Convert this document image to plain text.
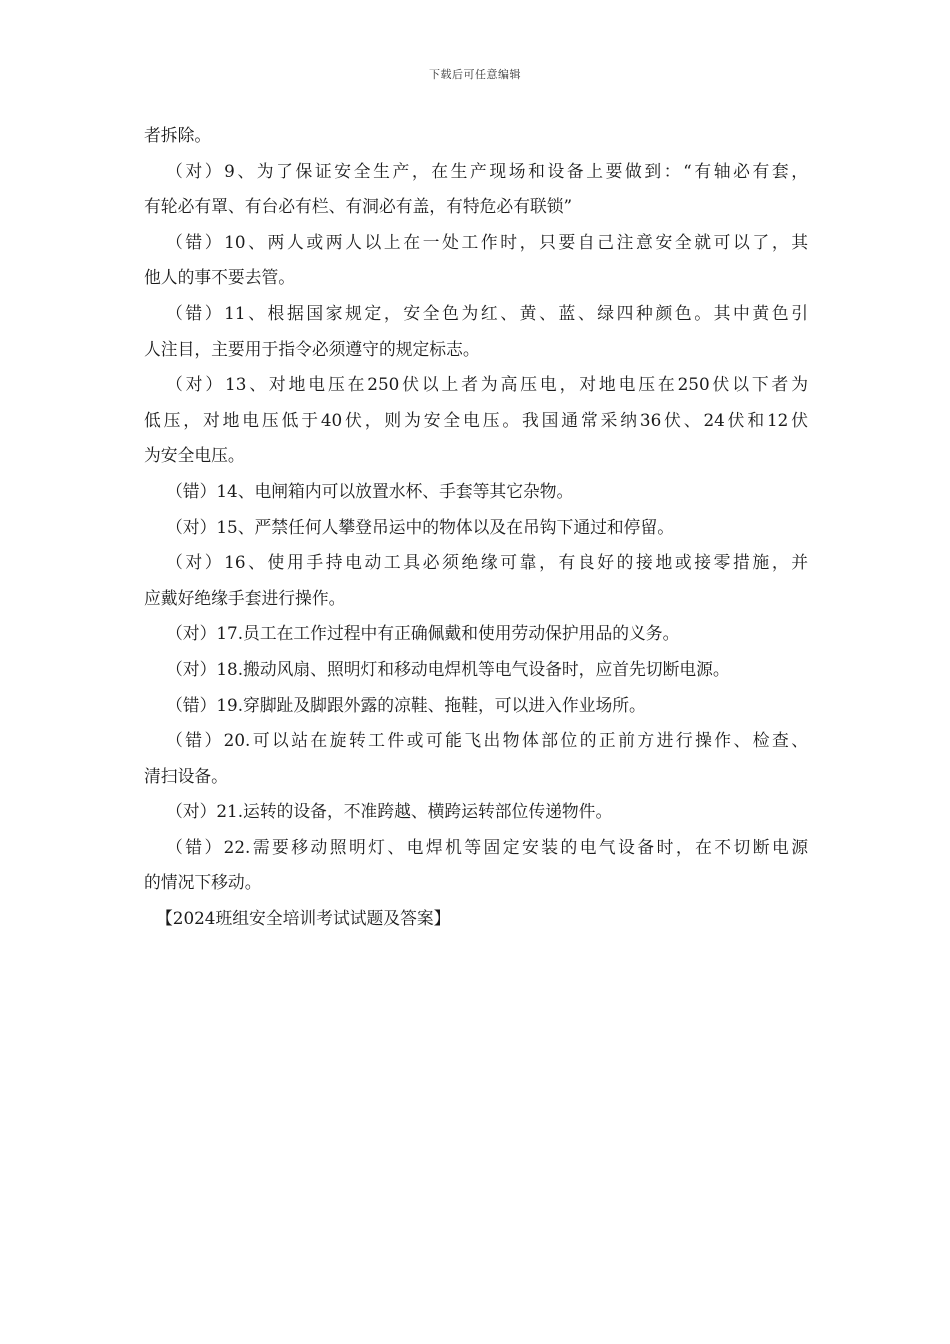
下载后可任意编辑
者拆除。
（对）9、为了保证安全生产，在生产现场和设备上要做到：“有轴必有套，
有轮必有罩、有台必有栏、有洞必有盖，有特危必有联锁”
（错）10、两人或两人以上在一处工作时，只要自己注意安全就可以了，其
他人的事不要去管。
（错）11、根据国家规定，安全色为红、黄、蓝、绿四种颜色。其中黄色引
人注目，主要用于指令必须遵守的规定标志。
（对）13、对地电压在250伏以上者为高压电，对地电压在250伏以下者为
低压，对地电压低于40伏，则为安全电压。我国通常采纳36伏、24伏和12伏
为安全电压。
（错）14、电闸箱内可以放置水杯、手套等其它杂物。
（对）15、严禁任何人攀登吊运中的物体以及在吊钩下通过和停留。
（对）16、使用手持电动工具必须绝缘可靠，有良好的接地或接零措施，并
应戴好绝缘手套进行操作。
（对）17.员工在工作过程中有正确佩戴和使用劳动保护用品的义务。
（对）18.搬动风扇、照明灯和移动电焊机等电气设备时，应首先切断电源。
（错）19.穿脚趾及脚跟外露的凉鞋、拖鞋，可以进入作业场所。
（错）20.可以站在旋转工件或可能飞出物体部位的正前方进行操作、检查、
清扫设备。
（对）21.运转的设备，不准跨越、横跨运转部位传递物件。
（错）22.需要移动照明灯、电焊机等固定安装的电气设备时，在不切断电源
的情况下移动。
【2024班组安全培训考试试题及答案】
